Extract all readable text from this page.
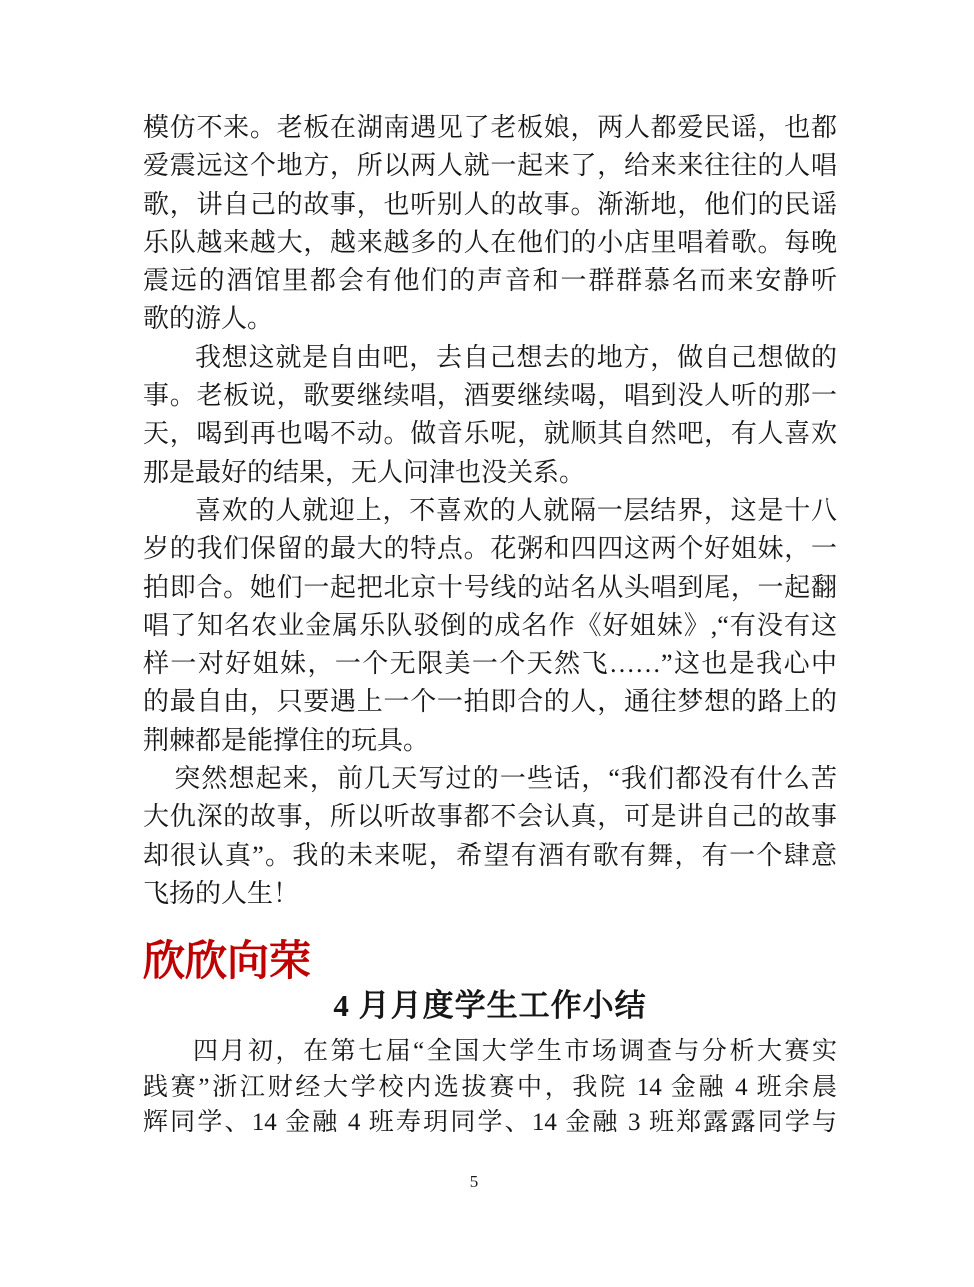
模仿不来。老板在湖南遇见了老板娘，两人都爱民谣，也都
爱震远这个地方，所以两人就一起来了，给来来往往的人唱
歌，讲自己的故事，也听别人的故事。渐渐地，他们的民谣
乐队越来越大，越来越多的人在他们的小店里唱着歌。每晚
震远的酒馆里都会有他们的声音和一群群慕名而来安静听
歌的游人。
我想这就是自由吧，去自己想去的地方，做自己想做的
事。老板说，歌要继续唱，酒要继续喝，唱到没人听的那一
天，喝到再也喝不动。做音乐呢，就顺其自然吧，有人喜欢
那是最好的结果，无人问津也没关系。
喜欢的人就迎上，不喜欢的人就隔一层结界，这是十八
岁的我们保留的最大的特点。花粥和四四这两个好姐妹，一
拍即合。她们一起把北京十号线的站名从头唱到尾，一起翻
唱了知名农业金属乐队驳倒的成名作《好姐妹》,“有没有这
样一对好姐妹，一个无限美一个天然飞……”这也是我心中
的最自由，只要遇上一个一拍即合的人，通往梦想的路上的
荆棘都是能撑住的玩具。
突然想起来，前几天写过的一些话，“我们都没有什么苦
大仇深的故事，所以听故事都不会认真，可是讲自己的故事
却很认真”。我的未来呢，希望有酒有歌有舞，有一个肆意
飞扬的人生！
欣欣向荣
4 月月度学生工作小结
四月初，在第七届“全国大学生市场调查与分析大赛实
践赛”浙江财经大学校内选拔赛中，我院 14 金融 4 班余晨
辉同学、14 金融 4 班寿玥同学、14 金融 3 班郑露露同学与
5
